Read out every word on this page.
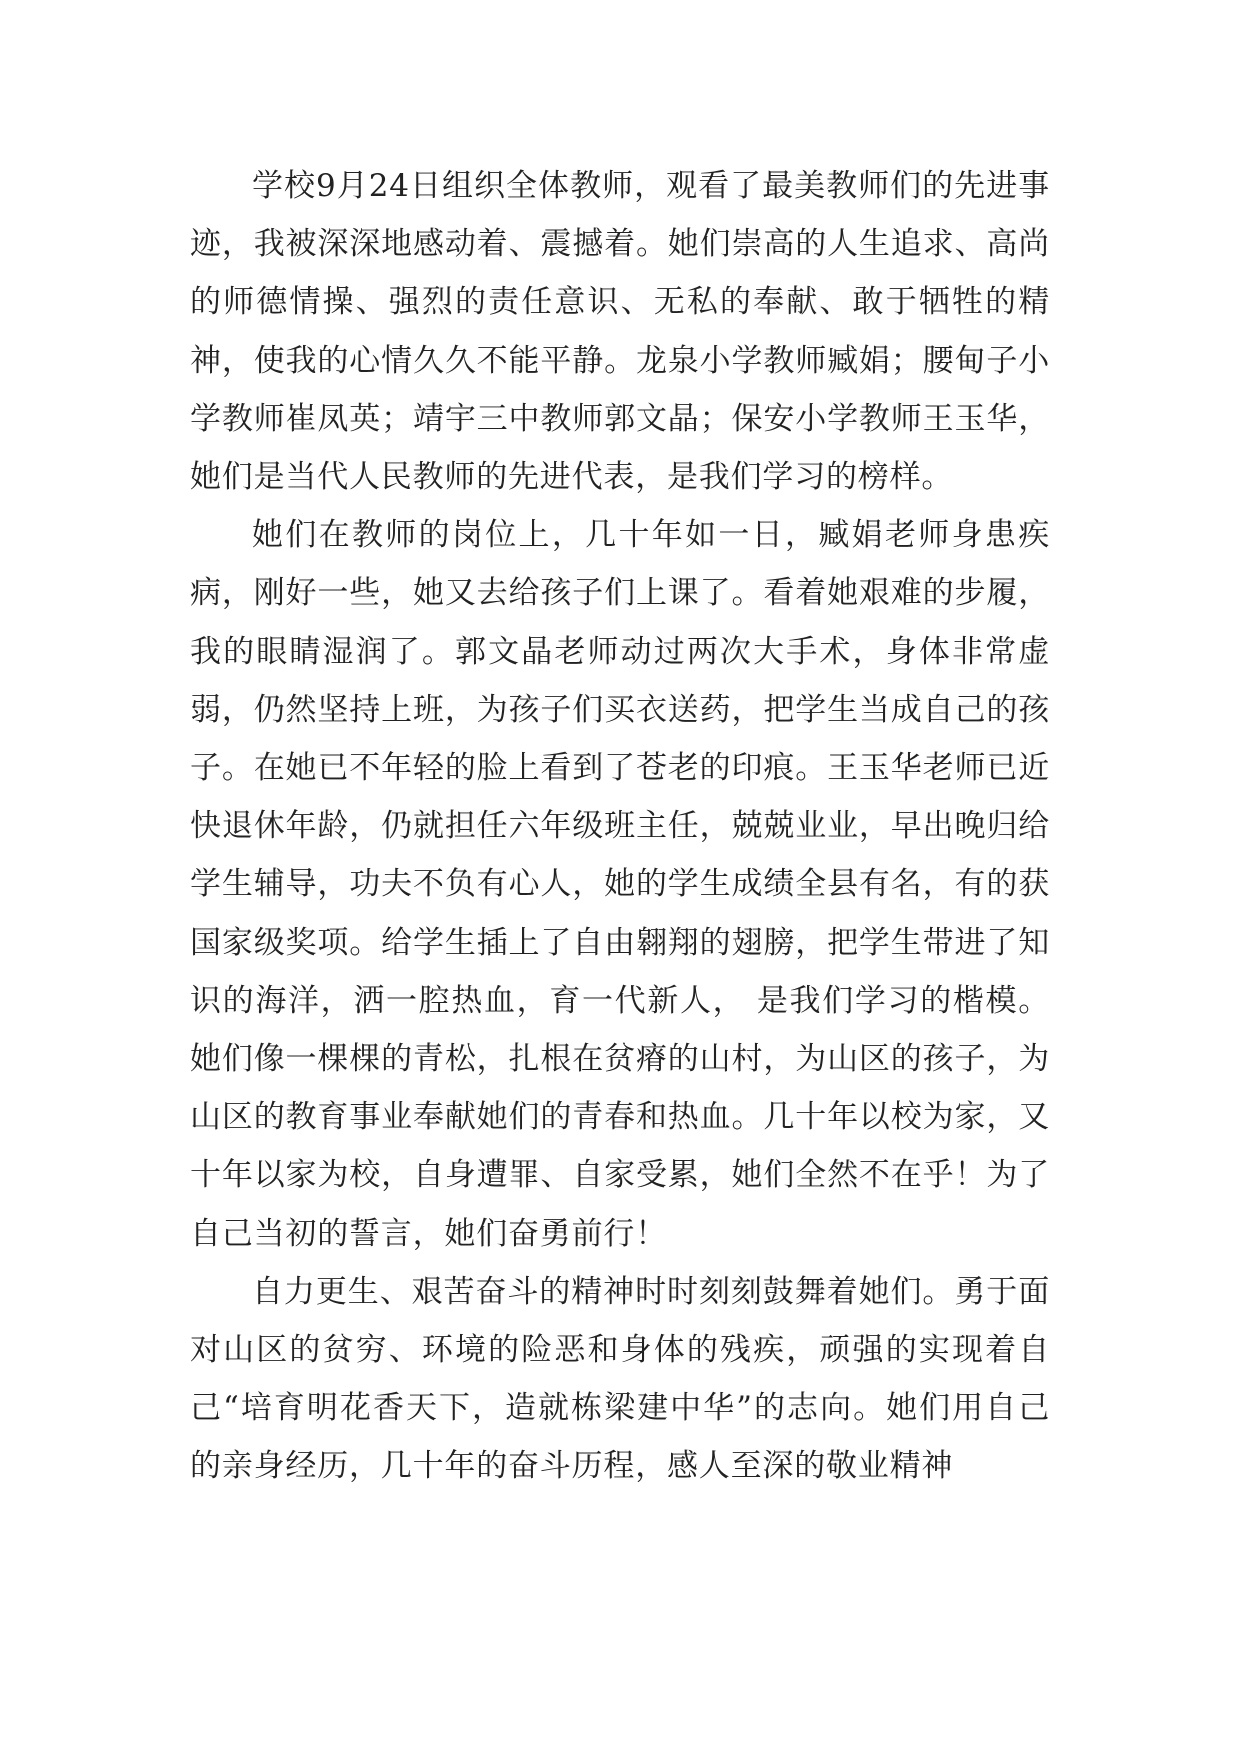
学校9月24日组织全体教师，观看了最美教师们的先进事迹，我被深深地感动着、震撼着。她们崇高的人生追求、高尚的师德情操、强烈的责任意识、无私的奉献、敢于牺牲的精神，使我的心情久久不能平静。龙泉小学教师臧娟；腰甸子小学教师崔凤英；靖宇三中教师郭文晶；保安小学教师王玉华，她们是当代人民教师的先进代表，是我们学习的榜样。

她们在教师的岗位上，几十年如一日，臧娟老师身患疾病，刚好一些，她又去给孩子们上课了。看着她艰难的步履，我的眼睛湿润了。郭文晶老师动过两次大手术，身体非常虚弱，仍然坚持上班，为孩子们买衣送药，把学生当成自己的孩子。在她已不年轻的脸上看到了苍老的印痕。王玉华老师已近快退休年龄，仍就担任六年级班主任，兢兢业业，早出晚归给学生辅导，功夫不负有心人，她的学生成绩全县有名，有的获国家级奖项。给学生插上了自由翱翔的翅膀，把学生带进了知识的海洋，洒一腔热血，育一代新人， 是我们学习的楷模。她们像一棵棵的青松，扎根在贫瘠的山村，为山区的孩子，为山区的教育事业奉献她们的青春和热血。几十年以校为家，又十年以家为校，自身遭罪、自家受累，她们全然不在乎！为了自己当初的誓言，她们奋勇前行！

自力更生、艰苦奋斗的精神时时刻刻鼓舞着她们。勇于面对山区的贫穷、环境的险恶和身体的残疾，顽强的实现着自己“培育明花香天下，造就栋梁建中华”的志向。她们用自己的亲身经历，几十年的奋斗历程，感人至深的敬业精神
